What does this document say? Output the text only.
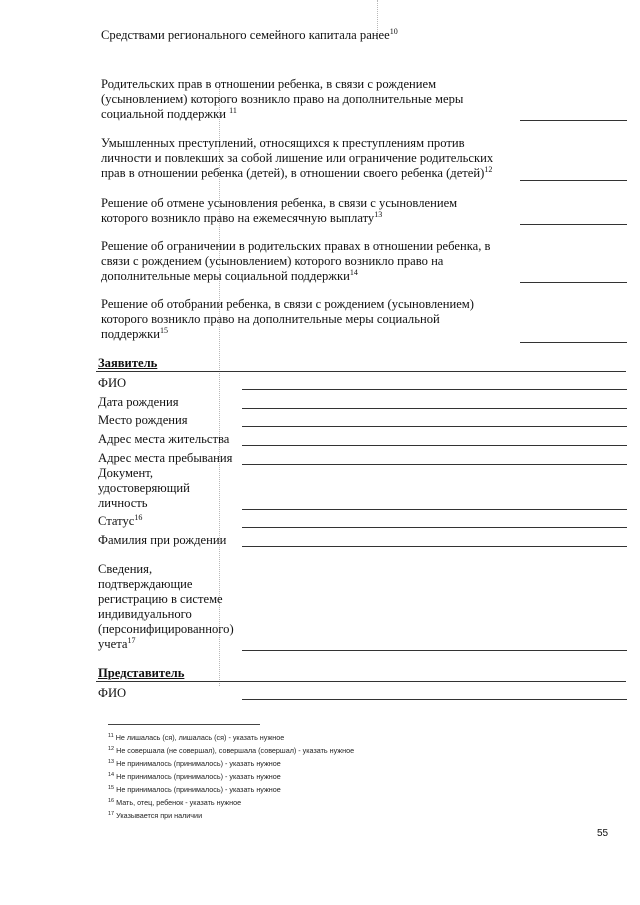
Средствами регионального семейного капитала ранее$^{10}$
Родительских прав в отношении ребенка, в связи с рождением
(усыновлением) которого возникло право на дополнительные меры
социальной поддержки $^{11}$
Умышленных преступлений, относящихся к преступлениям против
личности и повлекших за собой лишение или ограничение родительских
прав в отношении ребенка (детей), в отношении своего ребенка (детей)$^{12}$
Решение об отмене усыновления ребенка, в связи с усыновлением
которого возникло право на ежемесячную выплату$^{13}$
Решение об ограничении в родительских правах в отношении ребенка, в
связи с рождением (усыновлением) которого возникло право на
дополнительные меры социальной поддержки$^{14}$
Решение об отобрании ребенка, в связи с рождением (усыновлением)
которого возникло право на дополнительные меры социальной
поддержки$^{15}$
Заявитель
ФИО
Дата рождения
Место рождения
Адрес места жительства
Адрес места пребывания
Документ,
удостоверяющий
личность
Статус$^{16}$
Фамилия при рождении
Сведения,
подтверждающие
регистрацию в системе
индивидуального
(персонифицированного)
учета$^{17}$
Представитель
ФИО
$^{11}$ Не лишалась (ся), лишалась (ся) - указать нужное
$^{12}$ Не совершала (не совершал), совершала (совершал) - указать нужное
$^{13}$ Не принималось (принималось) - указать нужное
$^{14}$ Не принималось (принималось) - указать нужное
$^{15}$ Не принималось (принималось) - указать нужное
$^{16}$ Мать, отец, ребенок - указать нужное
$^{17}$ Указывается при наличии
55
